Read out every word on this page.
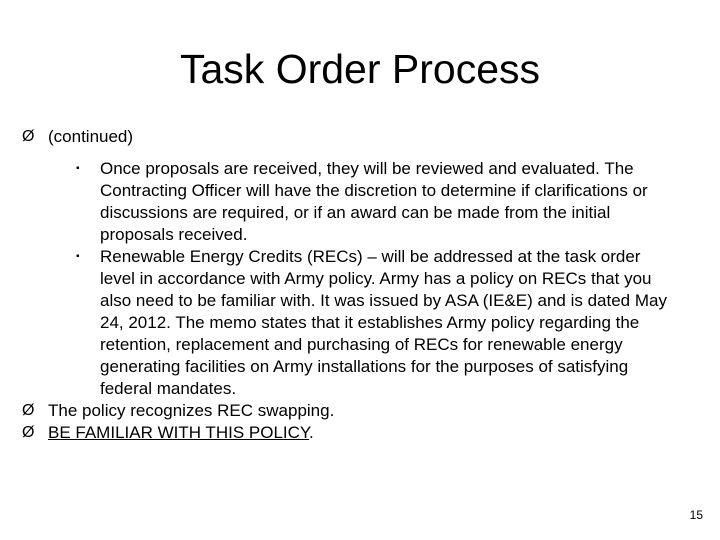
Task Order Process
Ø (continued)
▪	Once proposals are received, they will be reviewed and evaluated. The Contracting Officer will have the discretion to determine if clarifications or discussions are required, or if an award can be made from the initial proposals received.
▪	Renewable Energy Credits (RECs) – will be addressed at the task order level in accordance with Army policy. Army has a policy on RECs that you also need to be familiar with. It was issued by ASA (IE&E) and is dated May 24, 2012. The memo states that it establishes Army policy regarding the retention, replacement and purchasing of RECs for renewable energy generating facilities on Army installations for the purposes of satisfying federal mandates.
Ø The policy recognizes REC swapping.
Ø BE FAMILIAR WITH THIS POLICY.
15
